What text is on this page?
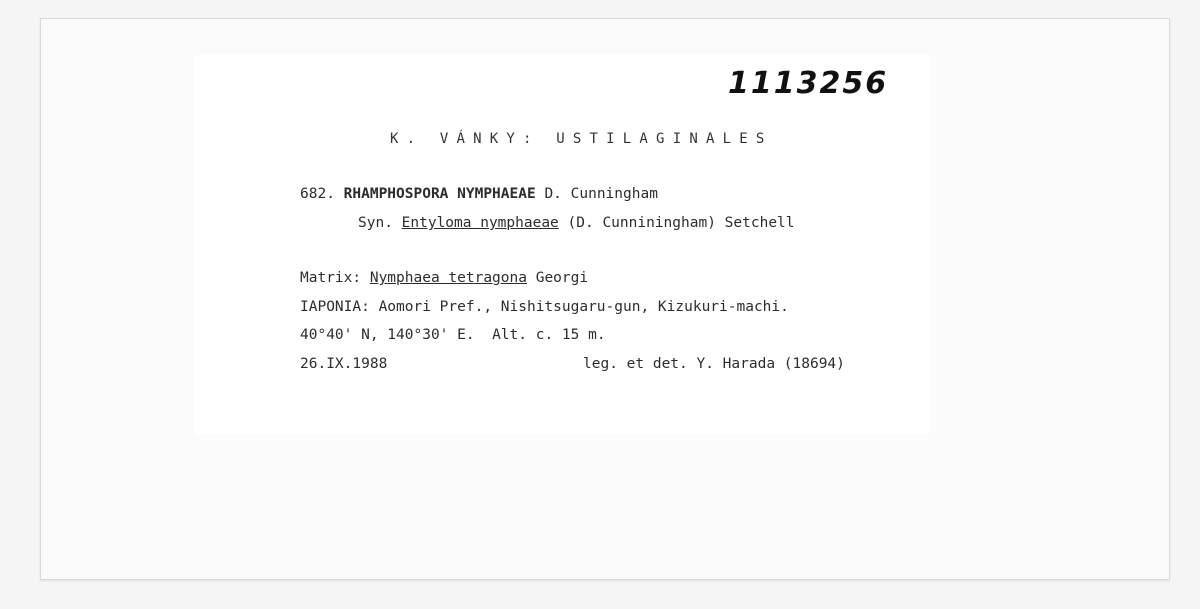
1113256
K. VÁNKY: USTILAGINALES
682. RHAMPHOSPORA NYMPHAEAE D. Cunningham
Syn. Entyloma nymphaeae (D. Cunniningham) Setchell
Matrix: Nymphaea tetragona Georgi
IAPONIA: Aomori Pref., Nishitsugaru-gun, Kizukuri-machi.
40°40' N, 140°30' E. Alt. c. 15 m.
26.IX.1988	leg. et det. Y. Harada (18694)
